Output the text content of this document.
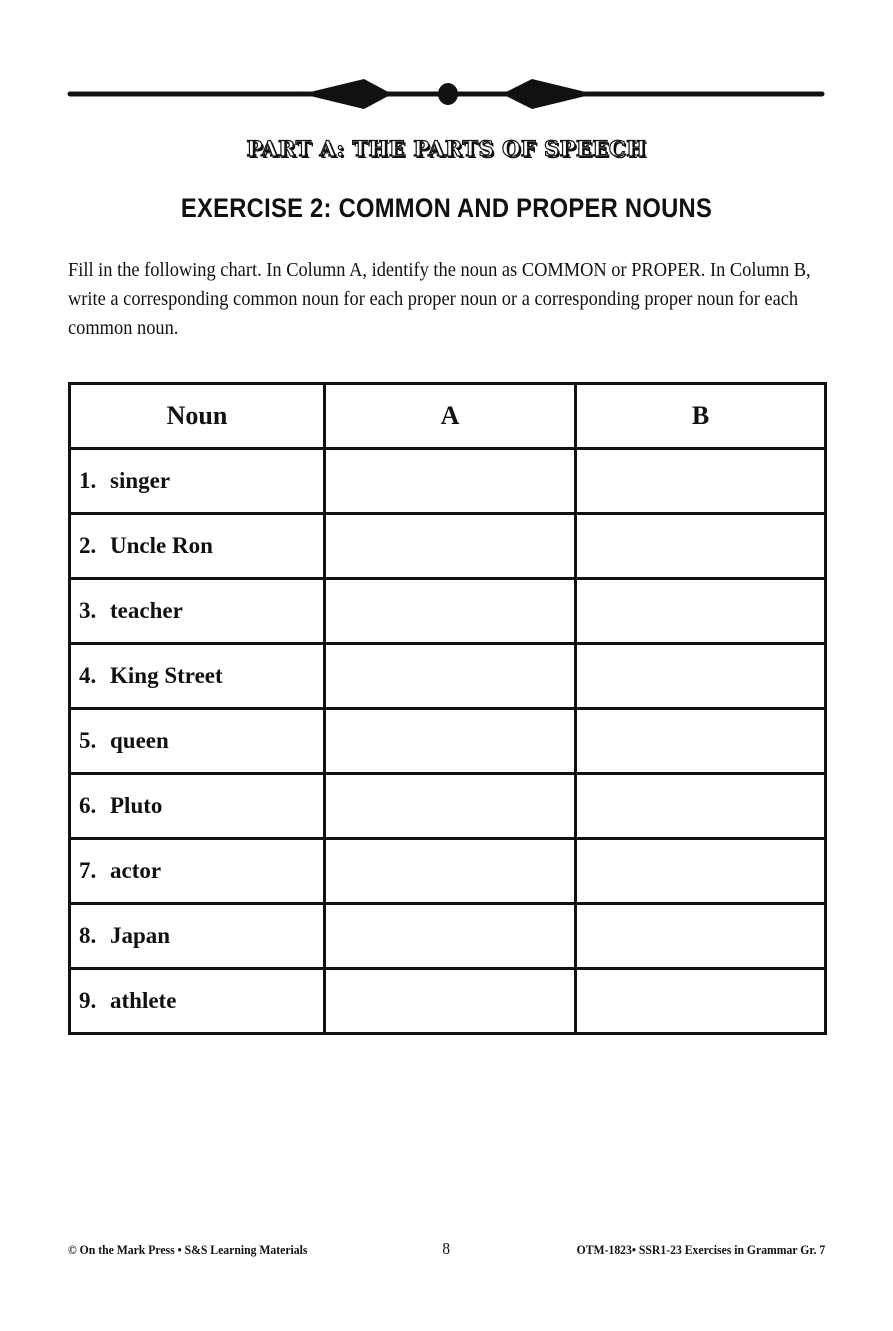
PART A: THE PARTS OF SPEECH
EXERCISE 2: COMMON AND PROPER NOUNS
Fill in the following chart. In Column A, identify the noun as COMMON or PROPER. In Column B, write a corresponding common noun for each proper noun or a corresponding proper noun for each common noun.
Noun	A	B
1. singer		
2. Uncle Ron		
3. teacher		
4. King Street		
5. queen		
6. Pluto		
7. actor		
8. Japan		
9. athlete		
© On the Mark Press • S&S Learning Materials	8	OTM-1823• SSR1-23 Exercises in Grammar Gr. 7
